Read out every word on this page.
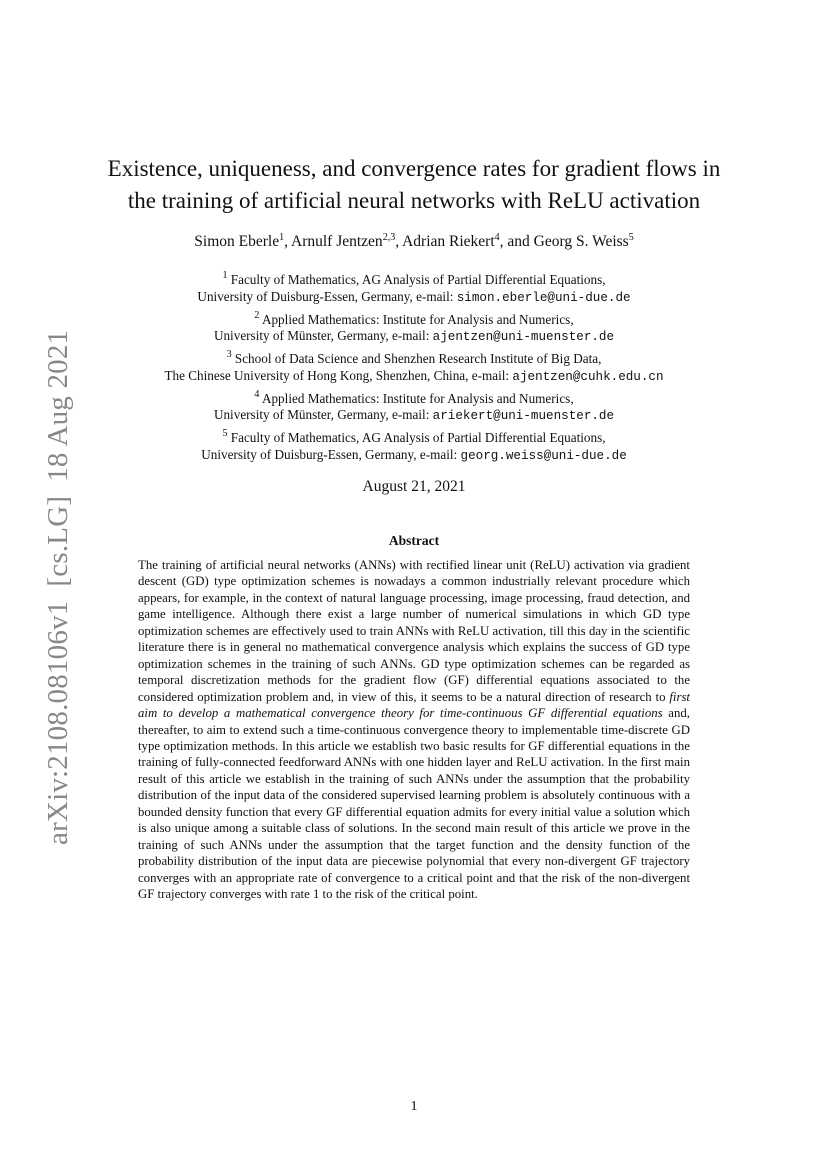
arXiv:2108.08106v1[cs.LG]18 Aug 2021
Existence, uniqueness, and convergence rates for gradient flows in
the training of artificial neural networks with ReLU activation
Simon Eberle$^1$, Arnulf Jentzen$^{2,3}$, Adrian Riekert$^4$, and Georg S. Weiss$^5$
$^1$ Faculty of Mathematics, AG Analysis of Partial Differential Equations,
University of Duisburg-Essen, Germany, e-mail: simon.eberle@uni-due.de
$^2$ Applied Mathematics: Institute for Analysis and Numerics,
University of Münster, Germany, e-mail: ajentzen@uni-muenster.de
$^3$ School of Data Science and Shenzhen Research Institute of Big Data,
The Chinese University of Hong Kong, Shenzhen, China, e-mail: ajentzen@cuhk.edu.cn
$^4$ Applied Mathematics: Institute for Analysis and Numerics,
University of Münster, Germany, e-mail: ariekert@uni-muenster.de
$^5$ Faculty of Mathematics, AG Analysis of Partial Differential Equations,
University of Duisburg-Essen, Germany, e-mail: georg.weiss@uni-due.de
August 21, 2021
Abstract
The training of artificial neural networks (ANNs) with rectified linear unit (ReLU) activation via gradient descent (GD) type optimization schemes is nowadays a common industrially relevant procedure which appears, for example, in the context of natural language processing, image processing, fraud detection, and game intelligence. Although there exist a large number of numerical simulations in which GD type optimization schemes are effectively used to train ANNs with ReLU activation, till this day in the scientific literature there is in general no mathematical convergence analysis which explains the success of GD type optimization schemes in the training of such ANNs. GD type optimization schemes can be regarded as temporal discretization methods for the gradient flow (GF) differential equations associated to the considered optimization problem and, in view of this, it seems to be a natural direction of research to first aim to develop a mathematical convergence theory for time-continuous GF differential equations and, thereafter, to aim to extend such a time-continuous convergence theory to implementable time-discrete GD type optimization methods. In this article we establish two basic results for GF differential equations in the training of fully-connected feedforward ANNs with one hidden layer and ReLU activation. In the first main result of this article we establish in the training of such ANNs under the assumption that the probability distribution of the input data of the considered supervised learning problem is absolutely continuous with a bounded density function that every GF differential equation admits for every initial value a solution which is also unique among a suitable class of solutions. In the second main result of this article we prove in the training of such ANNs under the assumption that the target function and the density function of the probability distribution of the input data are piecewise polynomial that every non-divergent GF trajectory converges with an appropriate rate of convergence to a critical point and that the risk of the non-divergent GF trajectory converges with rate 1 to the risk of the critical point.
1
